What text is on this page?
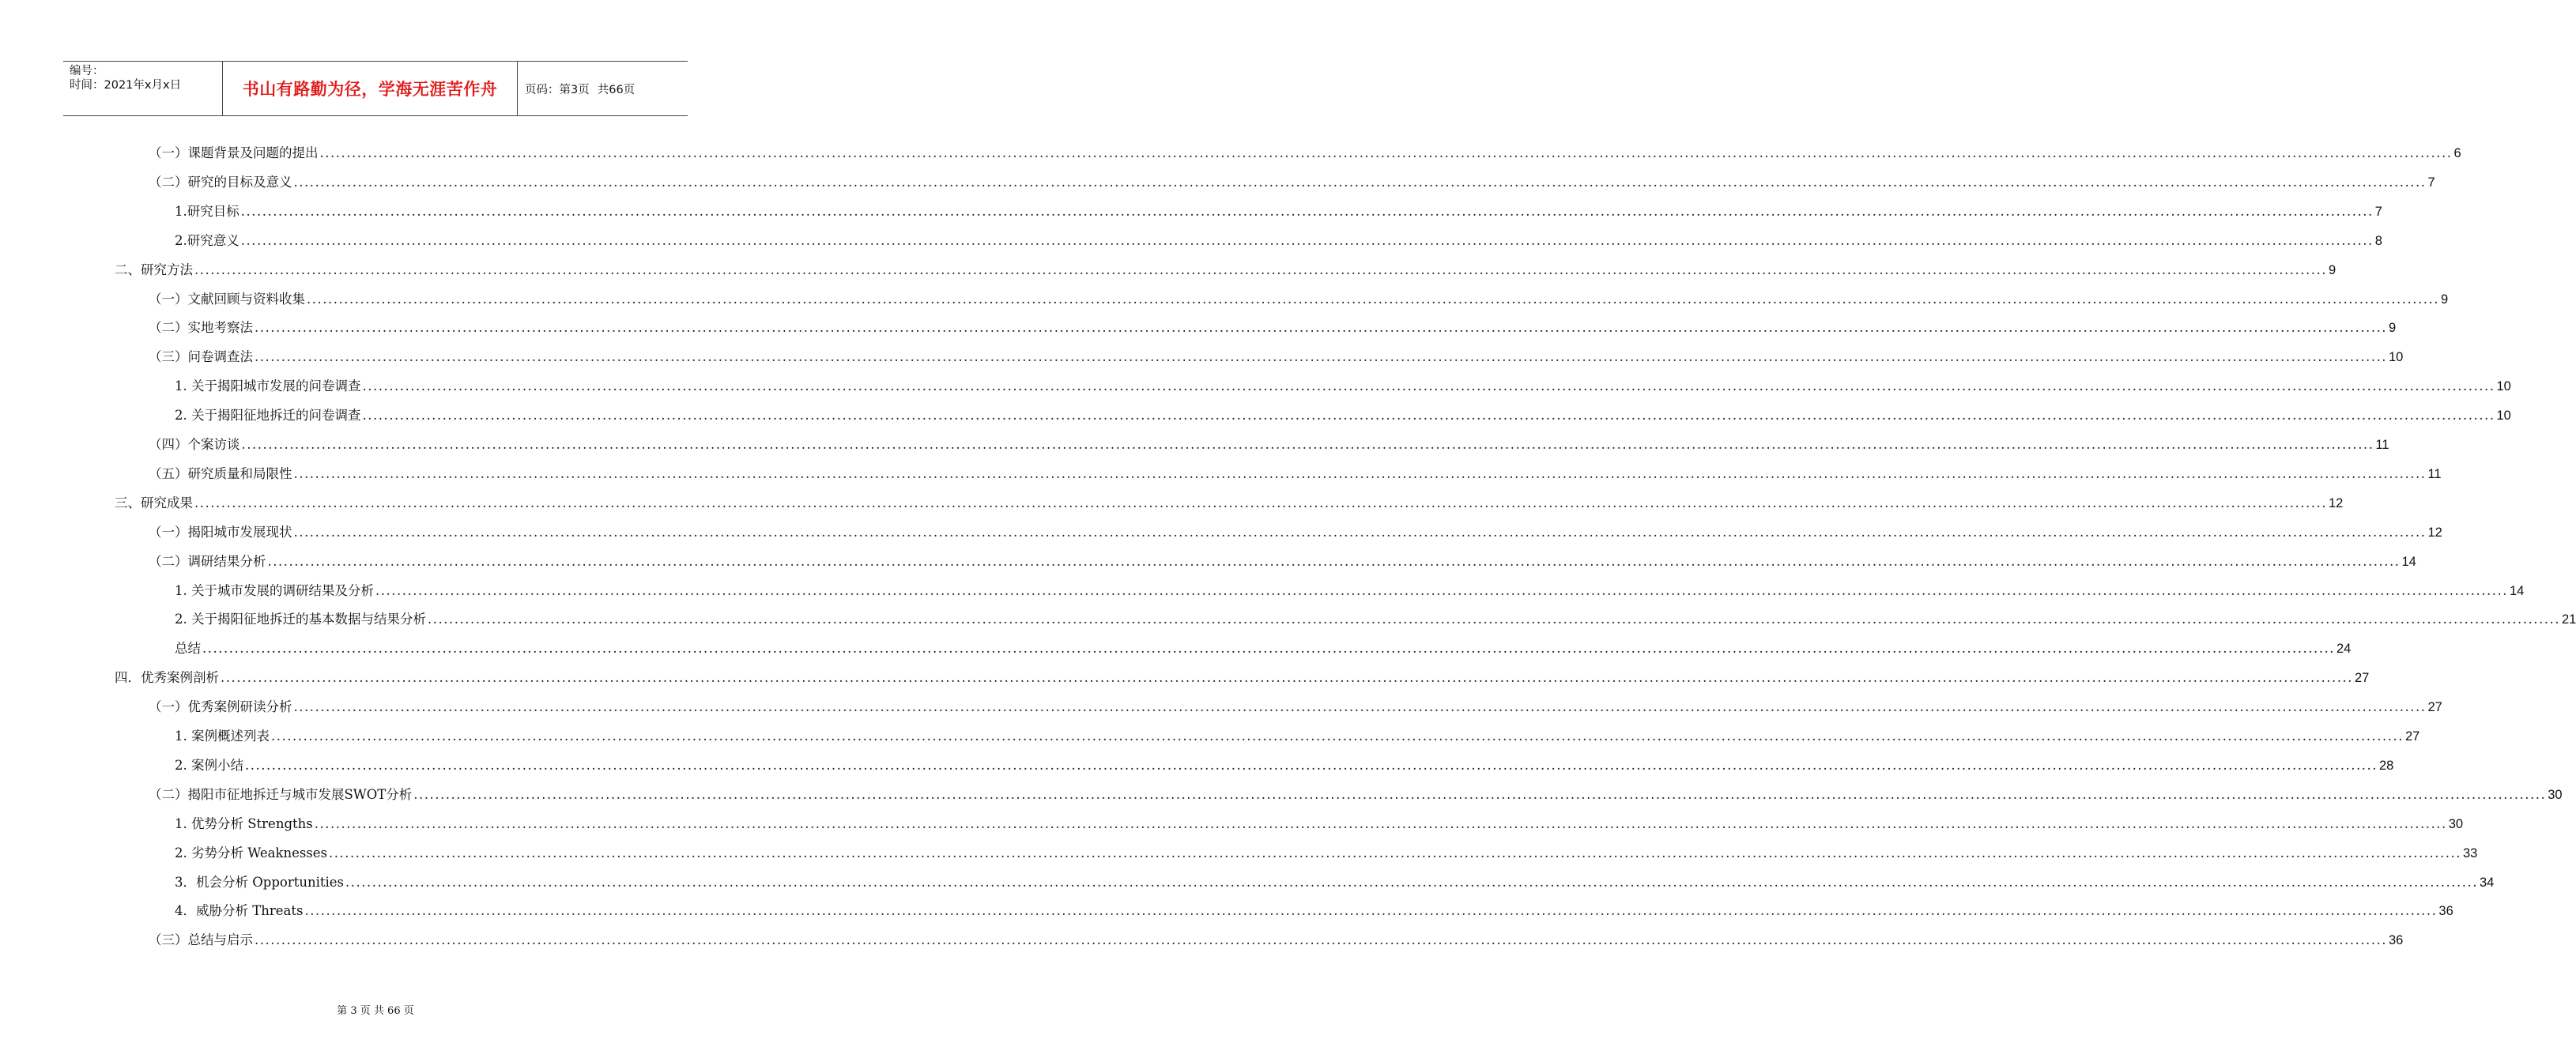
编号：
时间：2021年x月x日	书山有路勤为径，学海无涯苦作舟	页码：第3页 共66页
（一）课题背景及问题的提出 ................................................................................................................................................................................................................................................................................................................................................................................................................ 6
（二）研究的目标及意义 ................................................................................................................................................................................................................................................................................................................................................................................................................ 7
1.研究目标 ................................................................................................................................................................................................................................................................................................................................................................................................................ 7
2.研究意义 ................................................................................................................................................................................................................................................................................................................................................................................................................ 8
二、研究方法 ................................................................................................................................................................................................................................................................................................................................................................................................................ 9
（一）文献回顾与资料收集 ................................................................................................................................................................................................................................................................................................................................................................................................................ 9
（二）实地考察法 ................................................................................................................................................................................................................................................................................................................................................................................................................ 9
（三）问卷调查法 ................................................................................................................................................................................................................................................................................................................................................................................................................ 10
1. 关于揭阳城市发展的问卷调查 ................................................................................................................................................................................................................................................................................................................................................................................................................ 10
2. 关于揭阳征地拆迁的问卷调查 ................................................................................................................................................................................................................................................................................................................................................................................................................ 10
（四）个案访谈 ................................................................................................................................................................................................................................................................................................................................................................................................................ 11
（五）研究质量和局限性 ................................................................................................................................................................................................................................................................................................................................................................................................................ 11
三、研究成果 ................................................................................................................................................................................................................................................................................................................................................................................................................ 12
（一）揭阳城市发展现状 ................................................................................................................................................................................................................................................................................................................................................................................................................ 12
（二）调研结果分析 ................................................................................................................................................................................................................................................................................................................................................................................................................ 14
1. 关于城市发展的调研结果及分析 ................................................................................................................................................................................................................................................................................................................................................................................................................ 14
2. 关于揭阳征地拆迁的基本数据与结果分析 ................................................................................................................................................................................................................................................................................................................................................................................................................ 21
总结 ................................................................................................................................................................................................................................................................................................................................................................................................................ 24
四．优秀案例剖析 ................................................................................................................................................................................................................................................................................................................................................................................................................ 27
（一）优秀案例研读分析 ................................................................................................................................................................................................................................................................................................................................................................................................................ 27
1. 案例概述列表 ................................................................................................................................................................................................................................................................................................................................................................................................................ 27
2. 案例小结 ................................................................................................................................................................................................................................................................................................................................................................................................................ 28
（二）揭阳市征地拆迁与城市发展SWOT分析 ................................................................................................................................................................................................................................................................................................................................................................................................................ 30
1. 优势分析 Strengths ................................................................................................................................................................................................................................................................................................................................................................................................................ 30
2. 劣势分析 Weaknesses ................................................................................................................................................................................................................................................................................................................................................................................................................ 33
3．机会分析 Opportunities ................................................................................................................................................................................................................................................................................................................................................................................................................ 34
4．威胁分析 Threats ................................................................................................................................................................................................................................................................................................................................................................................................................ 36
（三）总结与启示 ................................................................................................................................................................................................................................................................................................................................................................................................................ 36
第 3 页 共 66 页
